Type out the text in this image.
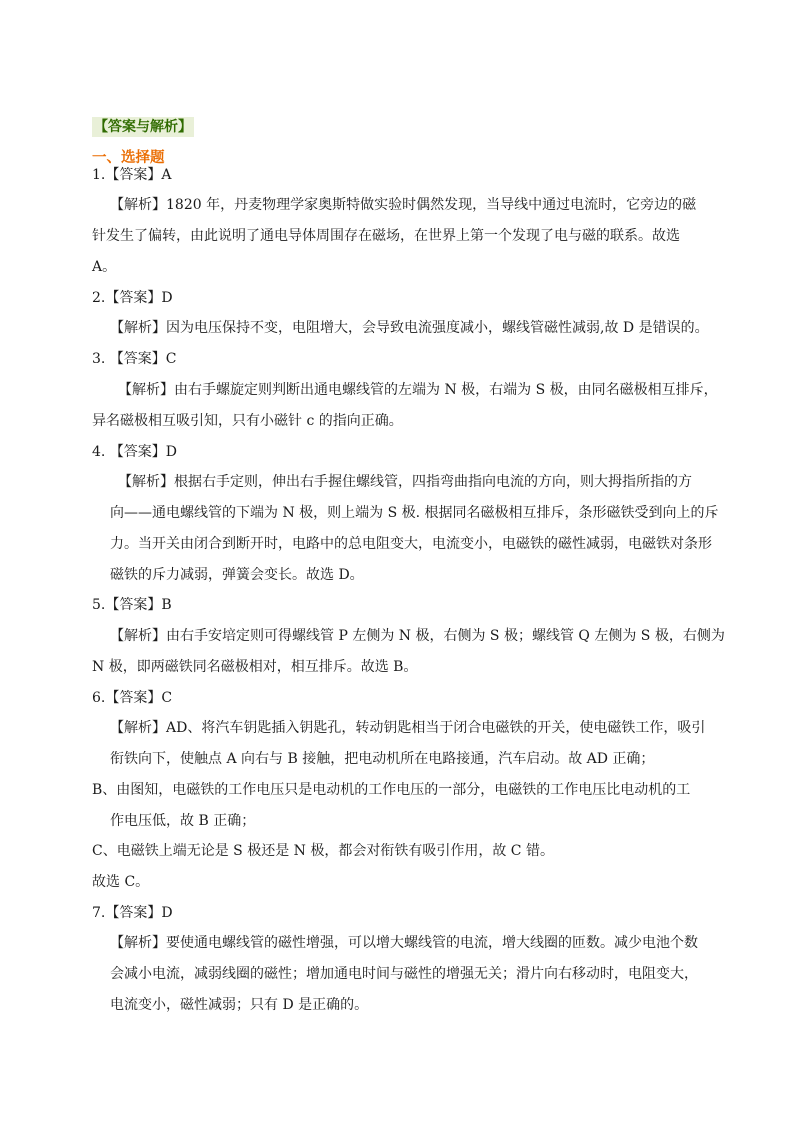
【答案与解析】
一、选择题
1.【答案】A
【解析】1820 年，丹麦物理学家奥斯特做实验时偶然发现，当导线中通过电流时，它旁边的磁
针发生了偏转，由此说明了通电导体周围存在磁场，在世界上第一个发现了电与磁的联系。故选
A。
2.【答案】D
【解析】因为电压保持不变，电阻增大，会导致电流强度减小，螺线管磁性减弱,故 D 是错误的。
3. 【答案】C
【解析】由右手螺旋定则判断出通电螺线管的左端为 N 极，右端为 S 极，由同名磁极相互排斥，
异名磁极相互吸引知，只有小磁针 c 的指向正确。
4. 【答案】D
【解析】根据右手定则，伸出右手握住螺线管，四指弯曲指向电流的方向，则大拇指所指的方
向——通电螺线管的下端为 N 极，则上端为 S 极. 根据同名磁极相互排斥，条形磁铁受到向上的斥
力。当开关由闭合到断开时，电路中的总电阻变大，电流变小，电磁铁的磁性减弱，电磁铁对条形
磁铁的斥力减弱，弹簧会变长。故选 D。
5.【答案】B
【解析】由右手安培定则可得螺线管 P 左侧为 N 极，右侧为 S 极；螺线管 Q 左侧为 S 极，右侧为
N 极，即两磁铁同名磁极相对，相互排斥。故选 B。
6.【答案】C
【解析】AD、将汽车钥匙插入钥匙孔，转动钥匙相当于闭合电磁铁的开关，使电磁铁工作，吸引
衔铁向下，使触点 A 向右与 B 接触，把电动机所在电路接通，汽车启动。故 AD 正确；
B、由图知，电磁铁的工作电压只是电动机的工作电压的一部分，电磁铁的工作电压比电动机的工
作电压低，故 B 正确；
C、电磁铁上端无论是 S 极还是 N 极，都会对衔铁有吸引作用，故 C 错。
故选 C。
7.【答案】D
【解析】要使通电螺线管的磁性增强，可以增大螺线管的电流，增大线圈的匝数。减少电池个数
会减小电流，减弱线圈的磁性；增加通电时间与磁性的增强无关；滑片向右移动时，电阻变大，
电流变小，磁性减弱；只有 D 是正确的。
